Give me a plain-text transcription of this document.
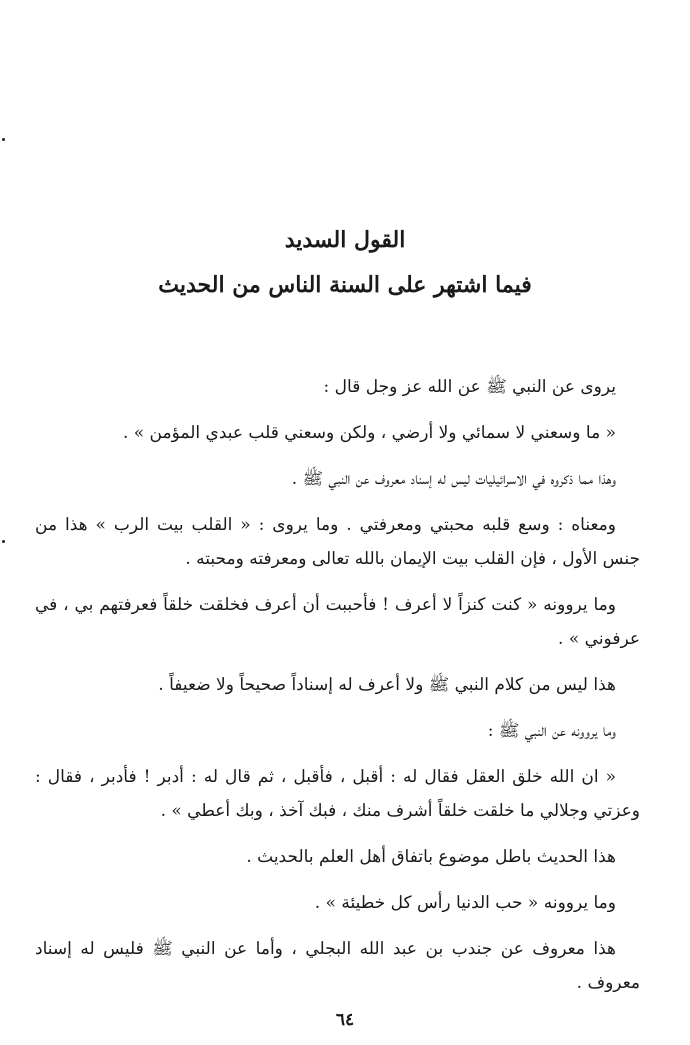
القول السديد
فيما اشتهر على السنة الناس من الحديث

يروى عن النبي ﷺ عن الله عز وجل قال :

« ما وسعني لا سمائي ولا أرضي ، ولكن وسعني قلب عبدي المؤمن » .

وهذا مما ذكروه في الاسرائيليات ليس له إسناد معروف عن النبي ﷺ .

ومعناه : وسع قلبه محبتي ومعرفتي . وما يروى : « القلب بيت الرب » هذا من جنس الأول ، فإن القلب بيت الإيمان بالله تعالى ومعرفته ومحبته .

وما يروونه « كنت كنزاً لا أعرف ! فأحببت أن أعرف فخلقت خلقاً فعرفتهم بي ، في عرفوني » .

هذا ليس من كلام النبي ﷺ ولا أعرف له إسناداً صحيحاً ولا ضعيفاً .

وما يروونه عن النبي ﷺ :

« ان الله خلق العقل فقال له : أقبل ، فأقبل ، ثم قال له : أدبر ! فأدبر ، فقال : وعزتي وجلالي ما خلقت خلقاً أشرف منك ، فبك آخذ ، وبك أعطي » .

هذا الحديث باطل موضوع باتفاق أهل العلم بالحديث .

وما يروونه « حب الدنيا رأس كل خطيئة » .

هذا معروف عن جندب بن عبد الله البجلي ، وأما عن النبي ﷺ فليس له إسناد معروف .

٦٤
